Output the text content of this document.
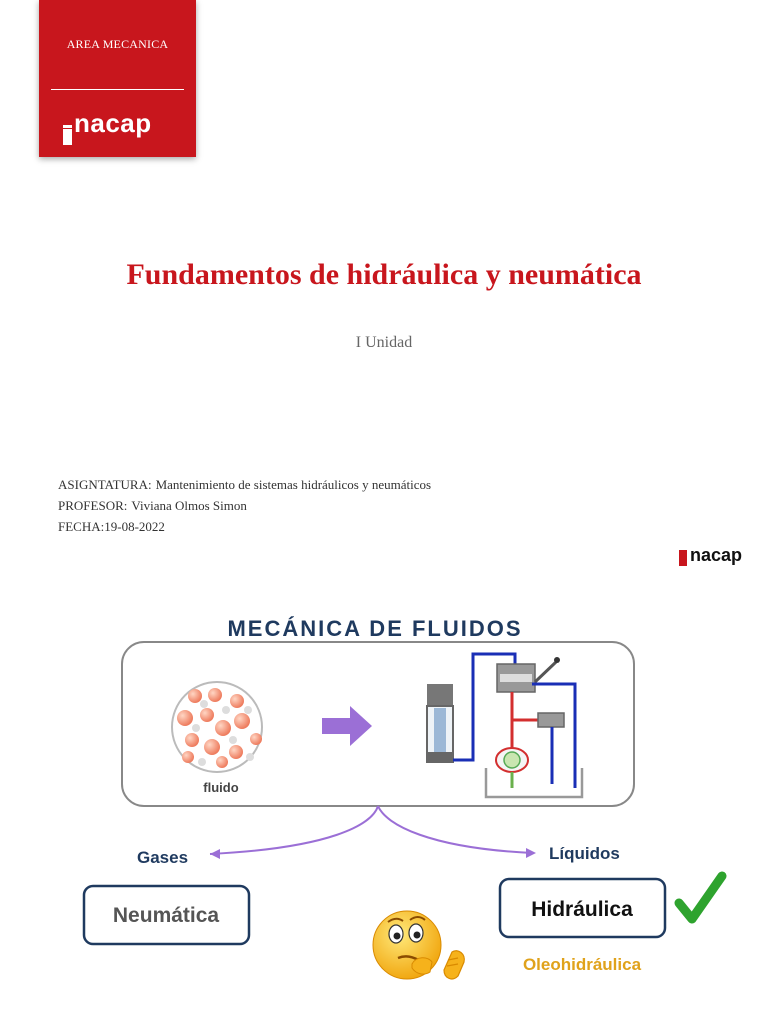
AREA MECANICA
nacap
Fundamentos de hidráulica y neumática
I Unidad
ASIGNTATURA: Mantenimiento de sistemas hidráulicos y neumáticos
PROFESOR: Viviana Olmos Simon
FECHA:19-08-2022
nacap
MECÁNICA DE FLUIDOS
fluido
Gases	Líquidos
Neumática	Hidráulica
Oleohidráulica
